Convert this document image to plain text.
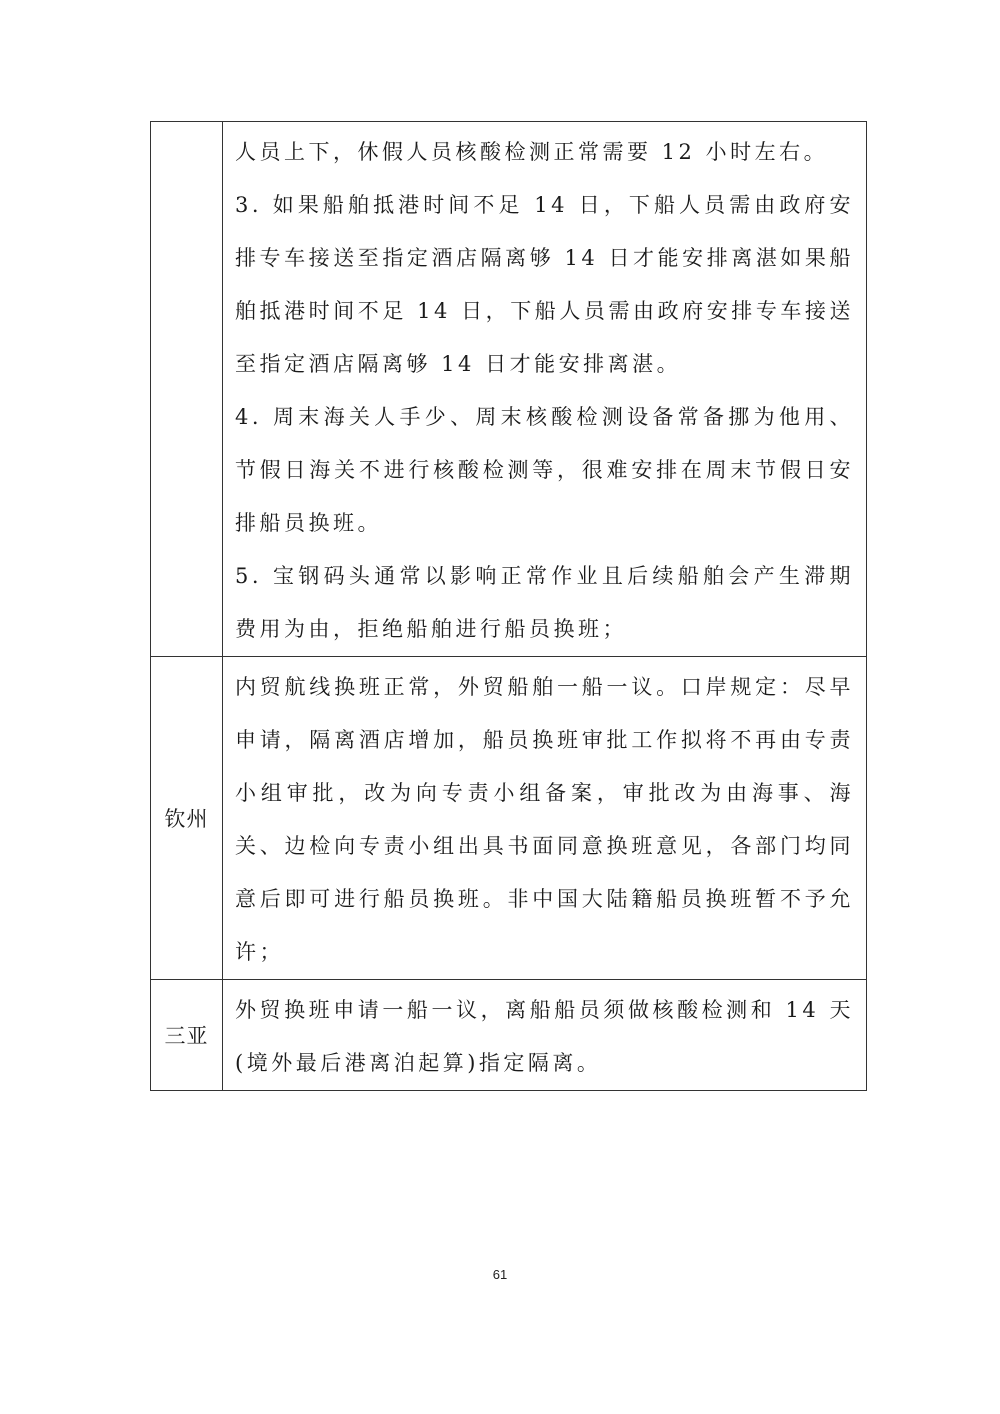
	人员上下，休假人员核酸检测正常需要 12 小时左右。

3. 如果船舶抵港时间不足 14 日，下船人员需由政府安排专车接送至指定酒店隔离够 14 日才能安排离湛如果船舶抵港时间不足 14 日，下船人员需由政府安排专车接送至指定酒店隔离够 14 日才能安排离湛。

4. 周末海关人手少、周末核酸检测设备常备挪为他用、节假日海关不进行核酸检测等，很难安排在周末节假日安排船员换班。

5. 宝钢码头通常以影响正常作业且后续船舶会产生滞期费用为由，拒绝船舶进行船员换班；

钦州	内贸航线换班正常，外贸船舶一船一议。口岸规定：尽早申请，隔离酒店增加，船员换班审批工作拟将不再由专责小组审批，改为向专责小组备案，审批改为由海事、海关、边检向专责小组出具书面同意换班意见，各部门均同意后即可进行船员换班。非中国大陆籍船员换班暂不予允许；

三亚	外贸换班申请一船一议，离船船员须做核酸检测和 14 天(境外最后港离泊起算)指定隔离。

61
